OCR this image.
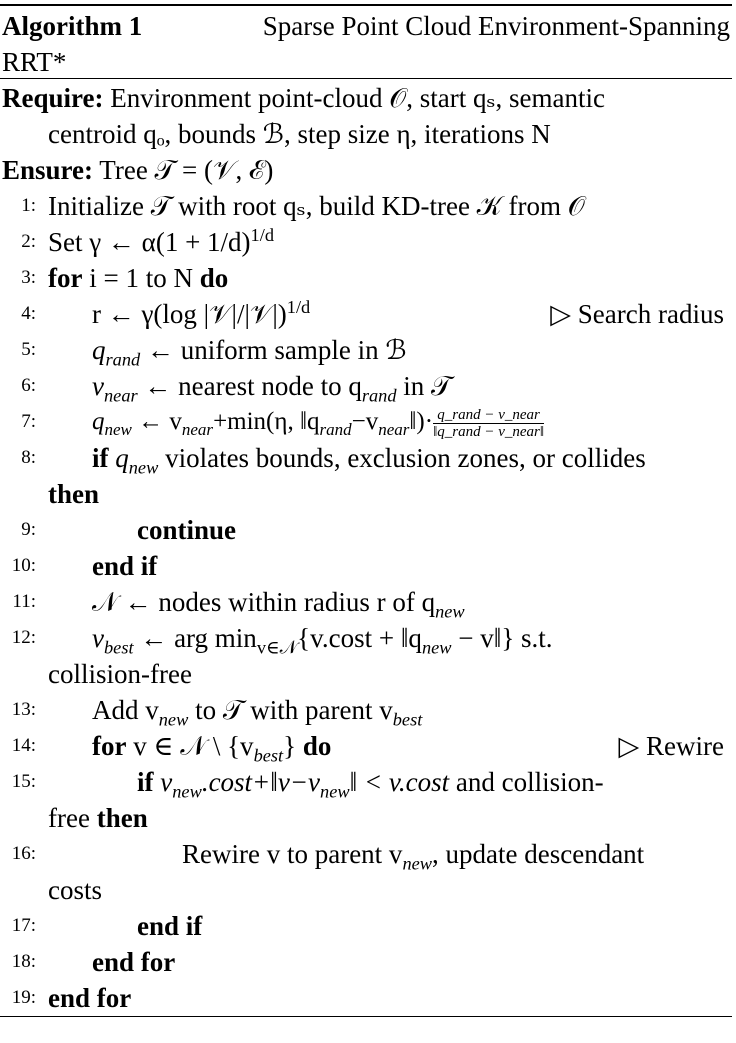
Algorithm 1	Sparse Point Cloud Environment-Spanning
RRT*
Require: Environment point-cloud 𝒪, start qₛ, semantic
centroid qₒ, bounds ℬ, step size η, iterations N
Ensure: Tree 𝒯 = (𝒱, ℰ)
1: Initialize 𝒯 with root qₛ, build KD-tree 𝒦 from 𝒪
2: Set γ ← $\alpha(1 + 1/d)^{1/d}$
3: for i = 1 to N do
4: r ← γ(log |𝒱|/|𝒱|)$^{1/d}$	▷ Search radius
5: $q_{rand}$ ← uniform sample in ℬ
6: $v_{near}$ ← nearest node to $q_{rand}$ in 𝒯
7: $q_{new}$ ← $v_{near}+\min(\eta$, $‖q_{rand}-v_{near}‖)\cdot \frac{\text{q\_rand − v\_near}}{\text{‖q\_rand − v\_near‖}}$
8: if $q_{new}$ violates bounds, exclusion zones, or collides
then
9:	continue
10: end if
11: 𝒩 ← nodes within radius r of $q_{new}$
12: $v_{best}$ ← arg $\min_{v\in 𝒩}\{v.\cos t$ + $‖q_{new}$ − v‖} s.t.
collision-free
13: Add $v_{new}$ to 𝒯 with parent $v_{best}$
14: for v ∈ 𝒩 \ $\{v_{best}\}$ do	▷ Rewire
15:	if $v_{new}.\cos t+‖v-v_{new}‖ < v.\cos t$ and collision-
free then
16:	Rewire v to parent $v_{new}$, update descendant
costs
17:	end if
18: end for
19: end for
